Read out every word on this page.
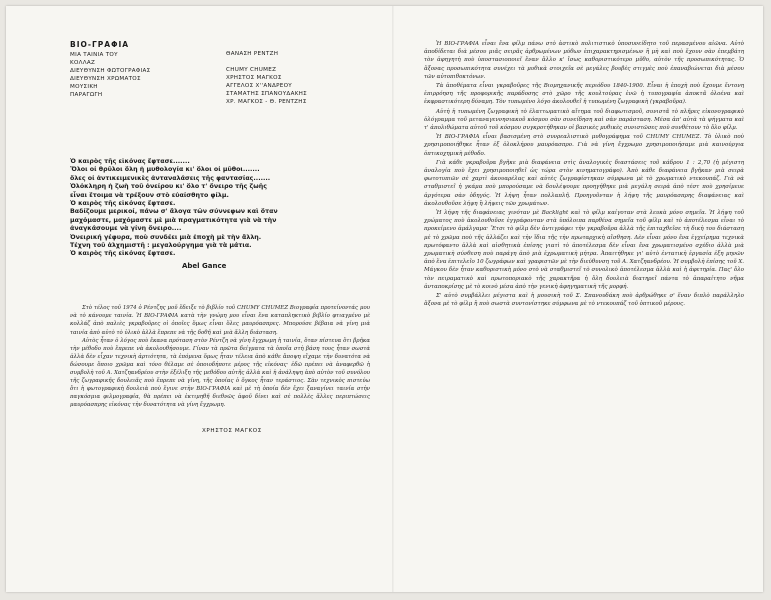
ΒΙΟ-ΓΡΑΦΙΑ
ΜΙΑ ΤΑΙΝΙΑ ΤΟΥ
ΚΟΛΛΑΖ
ΔΙΕΥΘΥΝΣΗ ΦΩΤΟΓΡΑΦΙΑΣ
ΔΙΕΥΘΥΝΣΗ ΧΡΩΜΑΤΟΣ
ΜΟΥΣΙΚΗ
ΠΑΡΑΓΩΓΗ
ΘΑΝΑΣΗ ΡΕΝΤΖΗ

CHUMY CHUMEZ
ΧΡΗΣΤΟΣ ΜΑΓΚΟΣ
ΑΓΓΕΛΟΣ Χ''ΑΝΔΡΕΟΥ
ΣΤΑΜΑΤΗΣ ΣΠΑΝΟΥΔΑΚΗΣ
ΧΡ. ΜΑΓΚΟΣ - Θ. ΡΕΝΤΖΗΣ
Ὁ καιρὸς τῆς εἰκόνας ἔφτασε.......
Ὅλοι οἱ θρῦλοι ὅλη ἡ μυθολογία κι' ὅλοι οἱ μῦθοι.......
ὅλες οἱ ἀντικειμενικὲς ἀνταναλάσεις τῆς φαντασίας.......
Ὁλόκληρη ἡ ζωὴ τοῦ ὀνείρου κι' ὅλο τ' ὄνειρο τῆς ζωῆς
εἶναι ἕτοιμα νὰ τρέξουν στὸ εὐαίσθητο φίλμ.
Ὁ καιρὸς τῆς εἰκόνας ἔφτασε.
Βαδίζουμε μερικοί, πάνω σ' ἄλογα τῶν σύννεφων καὶ ὅταν
μαχόμαστε, μαχόμαστε μὲ μιὰ πραγματικότητα γιὰ νὰ τὴν
ἀναγκάσουμε νὰ γίνη ὄνειρο....
Ὀνειρική γέφυρα, ποὺ συνδέει μιὰ ἐποχὴ μὲ τὴν ἄλλη.
Τέχνη τοῦ ἀλχημιστῆ : μεγαλούργημα γιὰ τὰ μάτια.
Ὁ καιρὸς τῆς εἰκόνας ἔφτασε.
Abel Gance

Στὸ τέλος τοῦ 1974 ὁ Ρέντζης μοῦ ἔδειξε τὸ βιβλίο τοῦ CHUMY CHUMEZ Βιογραφία προτείνοντάς μου νὰ τὸ κάνουμε ταινία. Ἡ ΒΙΟ-ΓΡΑΦΙΑ κατὰ τὴν γνώμη μου εἶναι ἕνα καταπληκτικὸ βιβλίο φτιαγμένο μὲ κολλάζ ἀπὸ παλιὲς γκραβοῦρες οἱ ὁποῖες ὅμως εἶναι ὅλες μαυρόασπρες. Μπορούσε βέβαια νὰ γίνη μιὰ ταινία ἀπὸ αὐτὸ τὸ ὑλικὸ ἀλλὰ ἔπρεπε νὰ τῆς δοθῆ καὶ μιὰ ἄλλη διάσταση.

Αὐτὸς ἦταν ὁ λόγος ποὺ ἔκανα πρόταση στὸν Ρέντζη νὰ γίνη ἔγχρωμη ἡ ταινία, ὅταν πίστευα ὅτι βρῆκα τὴν μέθοδο ποὺ ἔπρεπε νὰ ἀκολουθήσουμε. Γίναν τὰ πρῶτα δείγματα τὰ ὁποῖα στὴ βάση τους ἦταν σωστὰ ἀλλὰ δὲν εἶχαν τεχνικὴ ἀρτιότητα, τὰ ἑπόμενα ὅμως ἦταν τέλεια ἀπὸ κάθε ἄποψη εἴχαμε τὴν δυνατότα νὰ δώσουμε ὅποιο χρῶμα καὶ τόνο θέλαμε σὲ ὁποιοδήποτε μέρος τῆς εἰκόνας· ἐδῶ πρέπει νὰ ἀναφερθῶ ἡ συμβολὴ τοῦ Α. Χατζηανδρέου στὴν ἐξέλιξη τῆς μεθόδου αὐτῆς ἀλλὰ καὶ ἡ ἀνάληψη ἀπὸ αὐτὸν τοῦ συνόλου τῆς ζωγραφικῆς δουλειᾶς ποὺ ἔπρεπε νὰ γίνη, τῆς ὁποίας ὁ ὄγκος ἦταν τεράστιος. Σὰν τεχνικὸς πιστεύω ὅτι ἡ φωτογραφικὴ δουλειὰ ποὺ ἔγινε στὴν ΒΙΟ-ΓΡΑΦΙΑ καὶ μὲ τὴ ὁποία δὲν ἔχει ξαναγίνει ταινία στὴν παγκόσμια φιλμογραφία, θὰ πρέπει νὰ ἐκτιμηθῆ διεθνῶς ἀφοῦ δίνει καὶ σὲ πολλὲς ἄλλες περιπτώσεις μαυρόασπρης εἰκόνας τὴν δυνατότητα νὰ γίνη ἔγχρωμη.

ΧΡΗΣΤΟΣ ΜΑΓΚΟΣ

Ἡ ΒΙΟ-ΓΡΑΦΙΑ εἶναι ἕνα φίλμ πάνω στὸ ἀστικὸ πολιτιστικὸ ὑποσυνείδητο τοῦ περασμένου αἰῶνα. Αὐτὸ ἀποδίδεται διὰ μέσου μιᾶς σειρᾶς ἀρθρωμένων μύθων ἐπιχαρακτηρισμένων ἢ μὴ καὶ ποὺ ἔχουν σὰν ἐπεμβάτη τὸν ἀφηγητὴ ποὺ ὑποστασιοποιεῖ ἕναν ἄλλο κ' ἴσως καθοριστικότερο μῦθο, αὐτὸν τῆς προσωπικότητας. Ὁ ἄξονας προσωπικότητα συνέχει τὰ μυθικὰ στοιχεῖα σὲ μεγάλες βουβὲς στιγμὲς ποὺ ἐπαναβιώνεται διὰ μέσου τῶν αὐτοπιθοκτόνων.

Τὰ ἀποθέματα εἶναι γκραβοῦρες τῆς Βιομηχανικῆς περιόδου 1840-1900. Εἶναι ἡ ἐποχὴ ποὺ ἔχουμε ἔντονη ἐπιρρόηση τῆς προφορικῆς παράδοσης στὸ χῶρο τῆς κουλτούρας ἐνῶ ἡ τυπογραφία ἀποκτᾶ ὁλοένα καὶ ἐκφραστικότερη δύναμη. Τὸν τυπωμένο λόγο ἀκολουθεῖ ἡ τυπωμένη ζωγραφικὴ (γκραβοῦρα).

Αὐτὴ ἡ τυπωμένη ζωγραφικὴ τὸ ἐλαττωματικὸ αἴτημα τοῦ διαφωτισμοῦ, συνιστᾶ τὸ πλῆρες εἰκονογραφικὸ ὁλόγραμμα τοῦ μεταναγεννησιακοῦ κόσμου σὰν συνείδηση καὶ σὰν παράσταση. Μέσα ἀπ' αὐτὰ τὰ ψήγματα καὶ τ' ἀπολιθώματα αὐτοῦ τοῦ κόσμου συγκροτήθηκαν οἱ βασικὲς μυθικὲς συνιστῶσες ποὺ συνθέτουν τὸ ὅλο φίλμ.

Ἡ ΒΙΟ-ΓΡΑΦΙΑ εἶναι βασισμένη στὸ συνρεαλιστικὸ μυθογράφημα τοῦ CHUMY CHUMEZ. Τὸ ὑλικὸ ποὺ χρησιμοποιήθηκε ἦταν ἐξ ὁλοκλήρου μαυρόασπρο. Γιὰ νὰ γίνη ἔγχρωμο χρησιμοποιήσαμε μιὰ καινούργια ὀπτικοχημικὴ μέθοδο.

Γιὰ κάθε γκραβοῦρα βγῆκε μιὰ διαφάνεια στὶς ἀναλογικὲς διαστάσεις τοῦ κάδρου 1 : 2,70 (ἡ μέγιστη ἀναλογία ποὺ ἔχει χρησιμοποιηθεῖ ὡς τώρα στὸν κινηματογράφο). Ἀπὸ κάθε διαφάνεια βγῆκαν μιὰ σειρὰ φωτοτυπιῶν σὲ χαρτὶ ἀκουαρέλας καὶ αὐτὲς ζωγραφίστηκαν σύμφωνα μὲ τὸ χρωματικὸ ντεκουπάζ. Γιὰ νὰ σταθμιστεῖ ἡ γκάμα ποὺ μπορούσαμε νὰ δουλέψουμε προηγήθηκε μιὰ μεγάλη σειρὰ ἀπὸ τέστ ποὺ χρησίμευε ἀργότερα σὰν ὁδηγός. Ἡ λήψη ἦταν πολλαπλῆ. Προηγοῦνταν ἡ λήψη τῆς μαυρόασπρης διαφάνειας καὶ ἀκολουθοῦσε λήψη ἢ λήψεις τῶν χρωμάτων.

Ἡ λήψη τῆς διαφάνειας γινόταν μὲ Backlight καὶ τὸ φίλμ καίγοταν στὰ λευκὰ μόνο σημεῖα. Ἡ λήψη τοῦ χρώματος ποὺ ἀκολουθοῦσε ἐγγράφονταν στὰ ὑπόλοιπα παρθένα σημεῖα τοῦ φίλμ καὶ τὸ ἀποτέλεσμα εἶναι τὸ προκείμενο ἀμάλγαμα· Ἔτσι τὸ φίλμ δὲν ἀντιγράφει τὴν γκραβοῦρα ἀλλὰ τῆς ἐπιταχθεῖσε τὴ δικὴ του διάσταση μὲ τὸ χρῶμα ποὺ τῆς ἀλλάζει καὶ τὴν ἴδια τῆς τὴν πρωταρχικὴ αἴσθηση. Δὲν εἶναι μόνο ἕνα ἐγχείρημα τεχνικὰ πρωτόφαντο ἀλλὰ καὶ αἰσθητικὰ ἐπίσης γιατὶ τὸ ἀποτέλεσμα δὲν εἶναι ἕνα χρωματισμένο σχέδιο ἀλλὰ μιὰ χρωματικὴ σύνθεση ποὺ παράγη ἀπὸ μιὰ ἐχρωματικὴ μήτρα. Ἀπαιτήθηκε γι' αὐτὸ ἐντατικὴ ἐργασία ἐξη μηνῶν ἀπὸ ἕνα ἐπιτελεῖο 10 ζωγράφων καὶ γραφιστῶν μὲ τὴν διεύθυνση τοῦ Α. Χατζηανδρέου. Ἡ συμβολὴ ἐπίσης τοῦ Χ. Μάγκου δὲν ἦταν καθοριστικὴ μόνο στὸ νὰ σταθμιστεῖ τὸ συνολικὸ ἀποτέλεσμα ἀλλὰ καὶ ἡ ἀφετηρία. Πας' ὅλο τὸν πειραματικὸ καὶ πρωτοποριακὸ τῆς χαρακτῆρα ἡ ὅλη δουλειὰ διατηρεῖ πάντα τὸ ἀπαραίτητο νῆμα ἀνταποκρίσης μὲ τὸ κοινὸ μέσα ἀπὸ τὴν γενικὴ ἀφηγηματικὴ τῆς μορφή.

Σ' αὐτὸ συμβάλλει μέγιστα καὶ ἡ μουσικὴ τοῦ Σ. Σπανουδάκη ποὺ ἀρθρώθηκε σ' ἕναν διπλὸ παράλληλο ἄξονα μὲ τὸ φίλμ ἢ ποὺ σωστὰ συντονίστηκε σύμφωνα μὲ τὸ ντεκουπάζ τοῦ ὀπτικοῦ μέρους.
